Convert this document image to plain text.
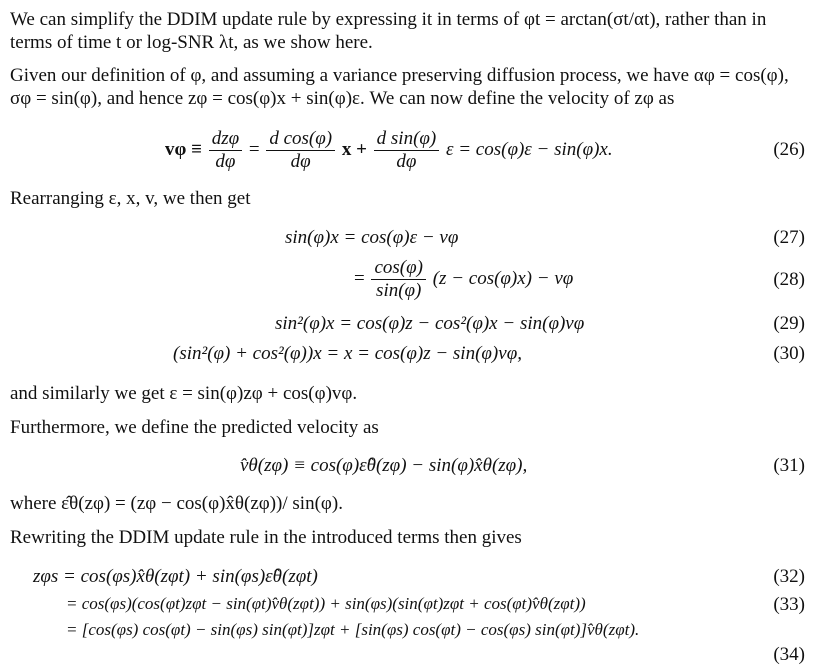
We can simplify the DDIM update rule by expressing it in terms of φt = arctan(σt/αt), rather than in terms of time t or log-SNR λt, as we show here.
Given our definition of φ, and assuming a variance preserving diffusion process, we have αφ = cos(φ), σφ = sin(φ), and hence zφ = cos(φ)x + sin(φ)ε. We can now define the velocity of zφ as
$v\varphi \equiv \frac{\text{dzφ}}{d\varphi} = \frac{\text{d cos(φ)}}{d\varphi}$ $x + \frac{\text{d sin(φ)}}{d\varphi}$ ε = cos(φ)ε − sin(φ)x.	(26)
Rearranging ε, x, v, we then get
sin(φ)x = cos(φ)ε − vφ	(27)
= $\frac{\cos(\varphi)}{\sin(\varphi)} (z - \cos(\varphi)x) - v\varphi$	(28)
sin²(φ)x = cos(φ)z − cos²(φ)x − sin(φ)vφ	(29)
(sin²(φ) + cos²(φ))x = x = cos(φ)z − sin(φ)vφ,	(30)
and similarly we get ε = sin(φ)zφ + cos(φ)vφ.
Furthermore, we define the predicted velocity as
v̂θ(zφ) ≡ cos(φ)ε̂θ(zφ) − sin(φ)x̂θ(zφ),	(31)
where ε̂θ(zφ) = (zφ − cos(φ)x̂θ(zφ))/ sin(φ).
Rewriting the DDIM update rule in the introduced terms then gives
zφs = cos(φs)x̂θ(zφt) + sin(φs)ε̂θ(zφt)	(32)
= cos(φs)(cos(φt)zφt − sin(φt)v̂θ(zφt)) + sin(φs)(sin(φt)zφt + cos(φt)v̂θ(zφt))	(33)
= [cos(φs) cos(φt) − sin(φs) sin(φt)]zφt + [sin(φs) cos(φt) − cos(φs) sin(φt)]v̂θ(zφt).
(34)
